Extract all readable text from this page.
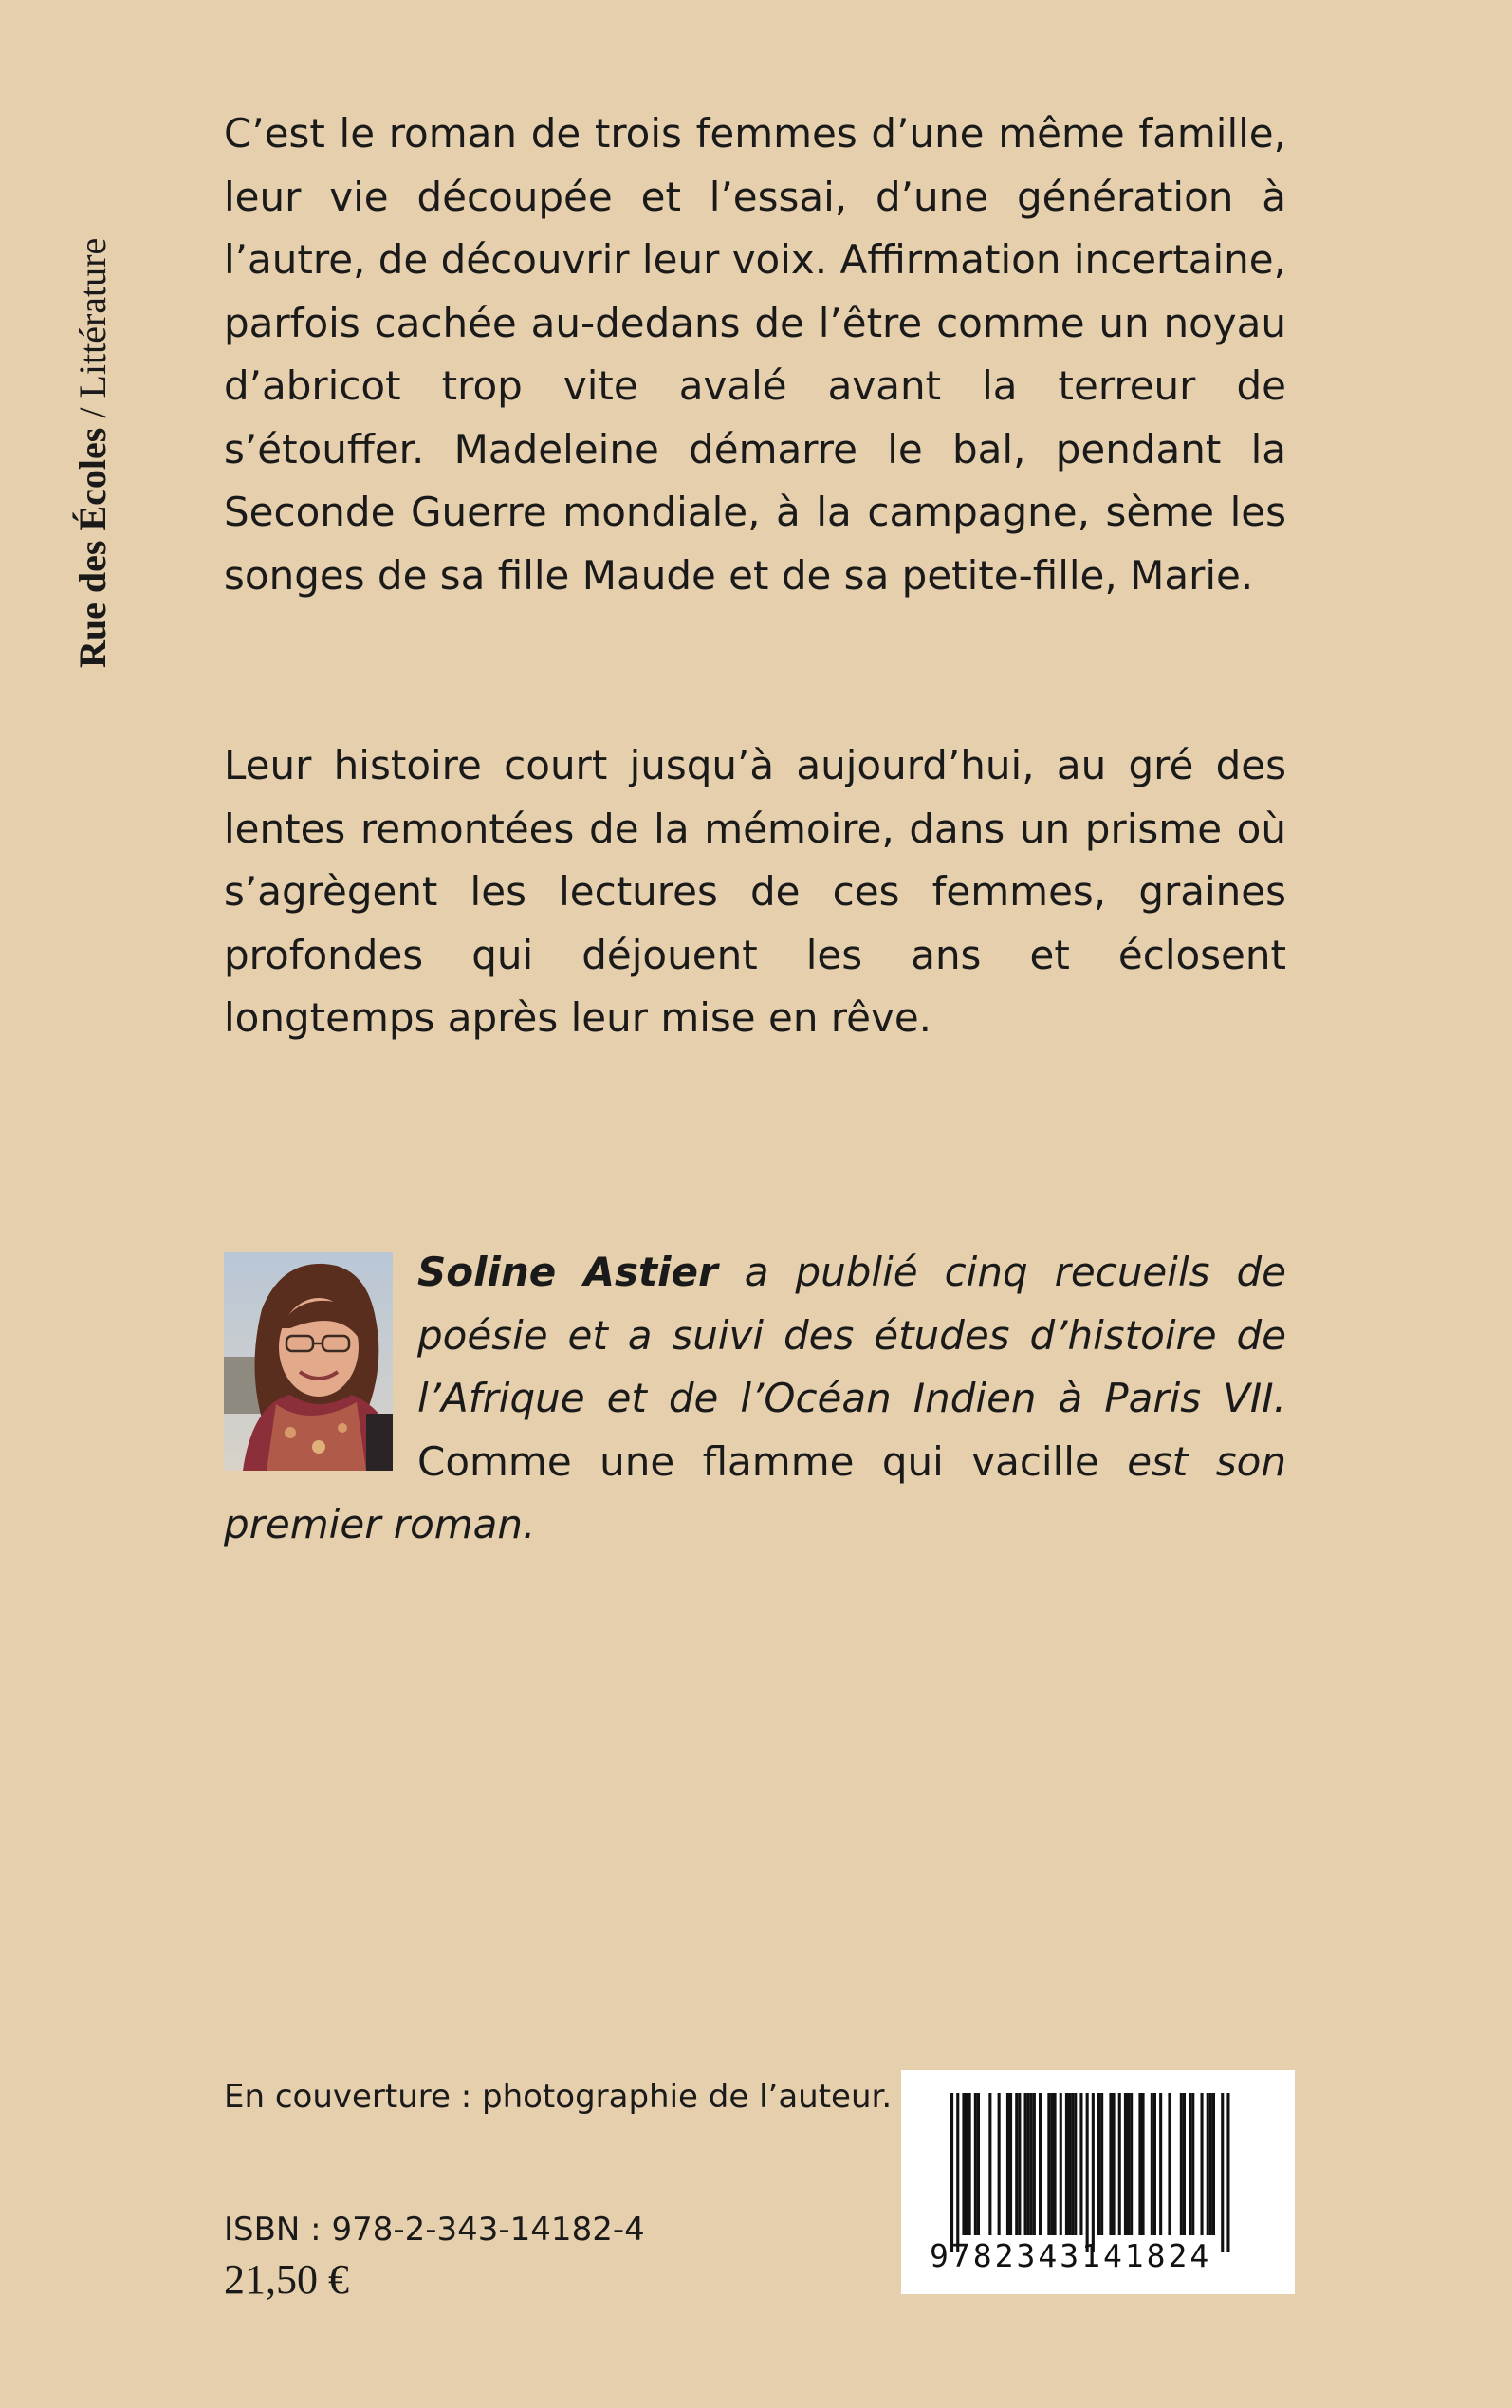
Rue des Écoles / Littérature

C’est le roman de trois femmes d’une même famille, leur vie découpée et l’essai, d’une génération à l’autre, de découvrir leur voix. Affirmation incertaine, parfois cachée au-dedans de l’être comme un noyau d’abricot trop vite avalé avant la terreur de s’étouffer. Madeleine démarre le bal, pendant la Seconde Guerre mondiale, à la campagne, sème les songes de sa fille Maude et de sa petite-fille, Marie.

Leur histoire court jusqu’à aujourd’hui, au gré des lentes remontées de la mémoire, dans un prisme où s’agrègent les lectures de ces femmes, graines profondes qui déjouent les ans et éclosent longtemps après leur mise en rêve.

Soline Astier a publié cinq recueils de poésie et a suivi des études d’histoire de l’Afrique et de l’Océan Indien à Paris VII. Comme une flamme qui vacille est son premier roman.
En couverture : photographie de l’auteur.
ISBN : 978-2-343-14182-4
21,50 €
9782343141824
